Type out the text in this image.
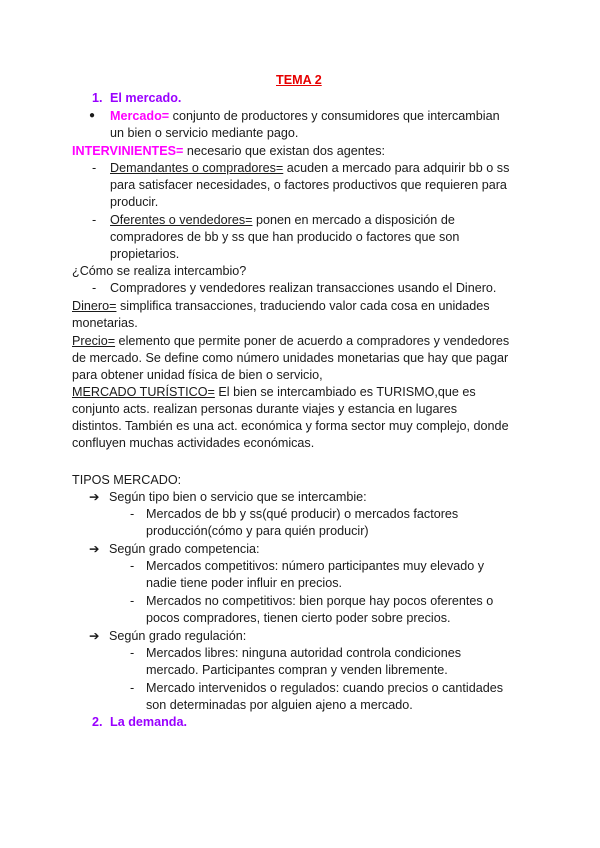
TEMA 2
1. El mercado.
● Mercado= conjunto de productores y consumidores que intercambian
un bien o servicio mediante pago.
INTERVINIENTES= necesario que existan dos agentes:
- Demandantes o compradores= acuden a mercado para adquirir bb o ss
para satisfacer necesidades, o factores productivos que requieren para
producir.
- Oferentes o vendedores= ponen en mercado a disposición de
compradores de bb y ss que han producido o factores que son
propietarios.
¿Cómo se realiza intercambio?
- Compradores y vendedores realizan transacciones usando el Dinero.
Dinero= simplifica transacciones, traduciendo valor cada cosa en unidades
monetarias.
Precio= elemento que permite poner de acuerdo a compradores y vendedores
de mercado. Se define como número unidades monetarias que hay que pagar
para obtener unidad física de bien o servicio,
MERCADO TURÍSTICO= El bien se intercambiado es TURISMO,que es
conjunto acts. realizan personas durante viajes y estancia en lugares
distintos. También es una act. económica y forma sector muy complejo, donde
confluyen muchas actividades económicas.
TIPOS MERCADO:
➔ Según tipo bien o servicio que se intercambie:
- Mercados de bb y ss(qué producir) o mercados factores
producción(cómo y para quién producir)
➔ Según grado competencia:
- Mercados competitivos: número participantes muy elevado y
nadie tiene poder influir en precios.
- Mercados no competitivos: bien porque hay pocos oferentes o
pocos compradores, tienen cierto poder sobre precios.
➔ Según grado regulación:
- Mercados libres: ninguna autoridad controla condiciones
mercado. Participantes compran y venden libremente.
- Mercado intervenidos o regulados: cuando precios o cantidades
son determinadas por alguien ajeno a mercado.
2. La demanda.
